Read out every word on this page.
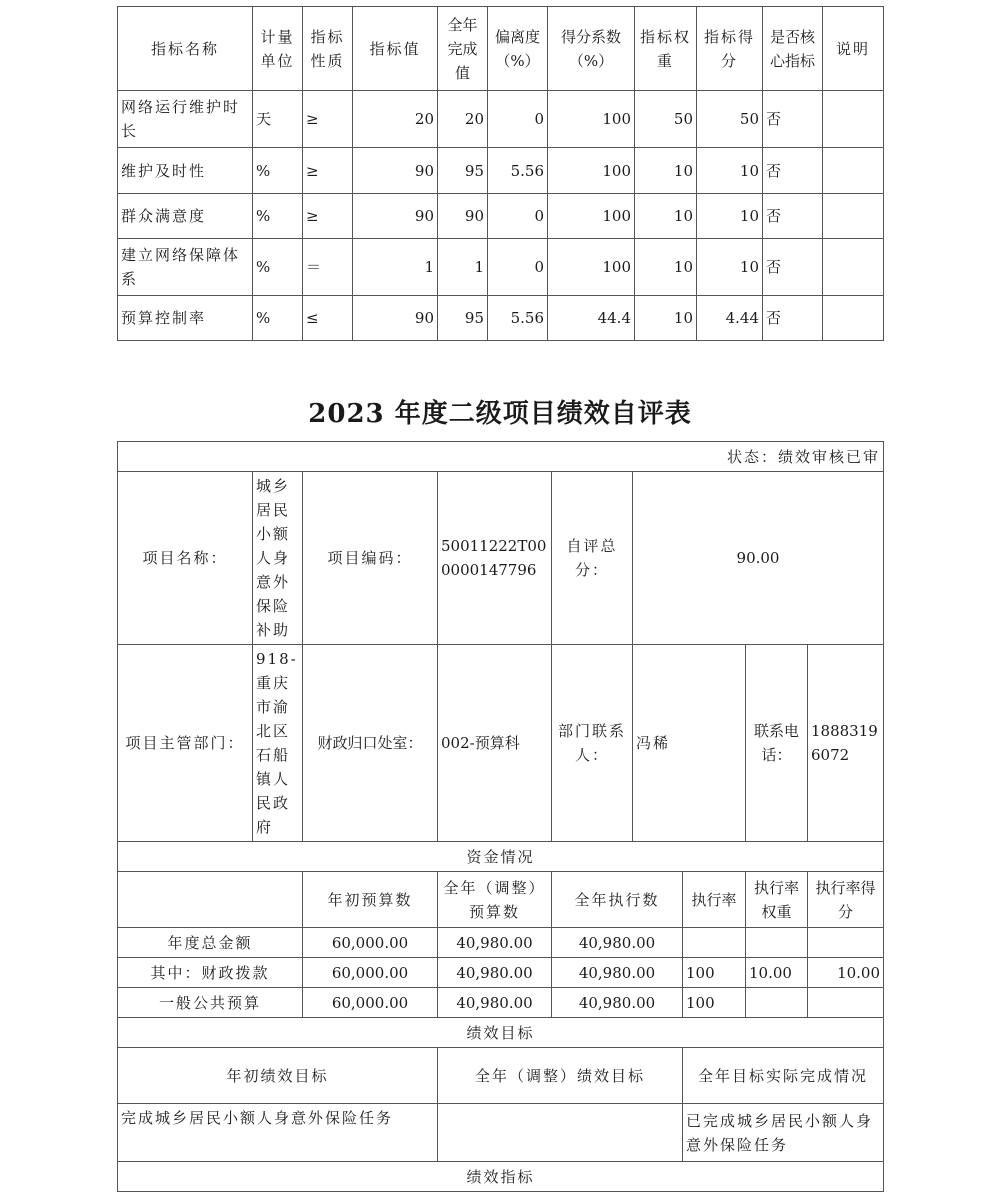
指标名称	计量单位	指标性质	指标值	全年完成值	偏离度（%）	得分系数（%）	指标权重	指标得分	是否核心指标	说明
网络运行维护时长	天	≥	20	20	0	100	50	50	否	
维护及时性	%	≥	90	95	5.56	100	10	10	否	
群众满意度	%	≥	90	90	0	100	10	10	否	
建立网络保障体系	%	＝	1	1	0	100	10	10	否	
预算控制率	%	≤	90	95	5.56	44.4	10	4.44	否	
2023 年度二级项目绩效自评表
状态：绩效审核已审								
项目名称：	城乡居民小额人身意外保险补助	项目编码：	50011222T000000147796	自评总分：	90.00			
项目主管部门：	918-重庆市渝北区石船镇人民政府	财政归口处室：	002-预算科	部门联系人：	冯稀		联系电话：	18883196072
资金情况								
		年初预算数	全年（调整）预算数	全年执行数		执行率	执行率权重	执行率得分
年度总金额		60,000.00	40,980.00	40,980.00				
其中：财政拨款		60,000.00	40,980.00	40,980.00		100	10.00	10.00
一般公共预算		60,000.00	40,980.00	40,980.00		100		
绩效目标								
年初绩效目标			全年（调整）绩效目标			全年目标实际完成情况		
完成城乡居民小额人身意外保险任务						已完成城乡居民小额人身意外保险任务		
绩效指标								
